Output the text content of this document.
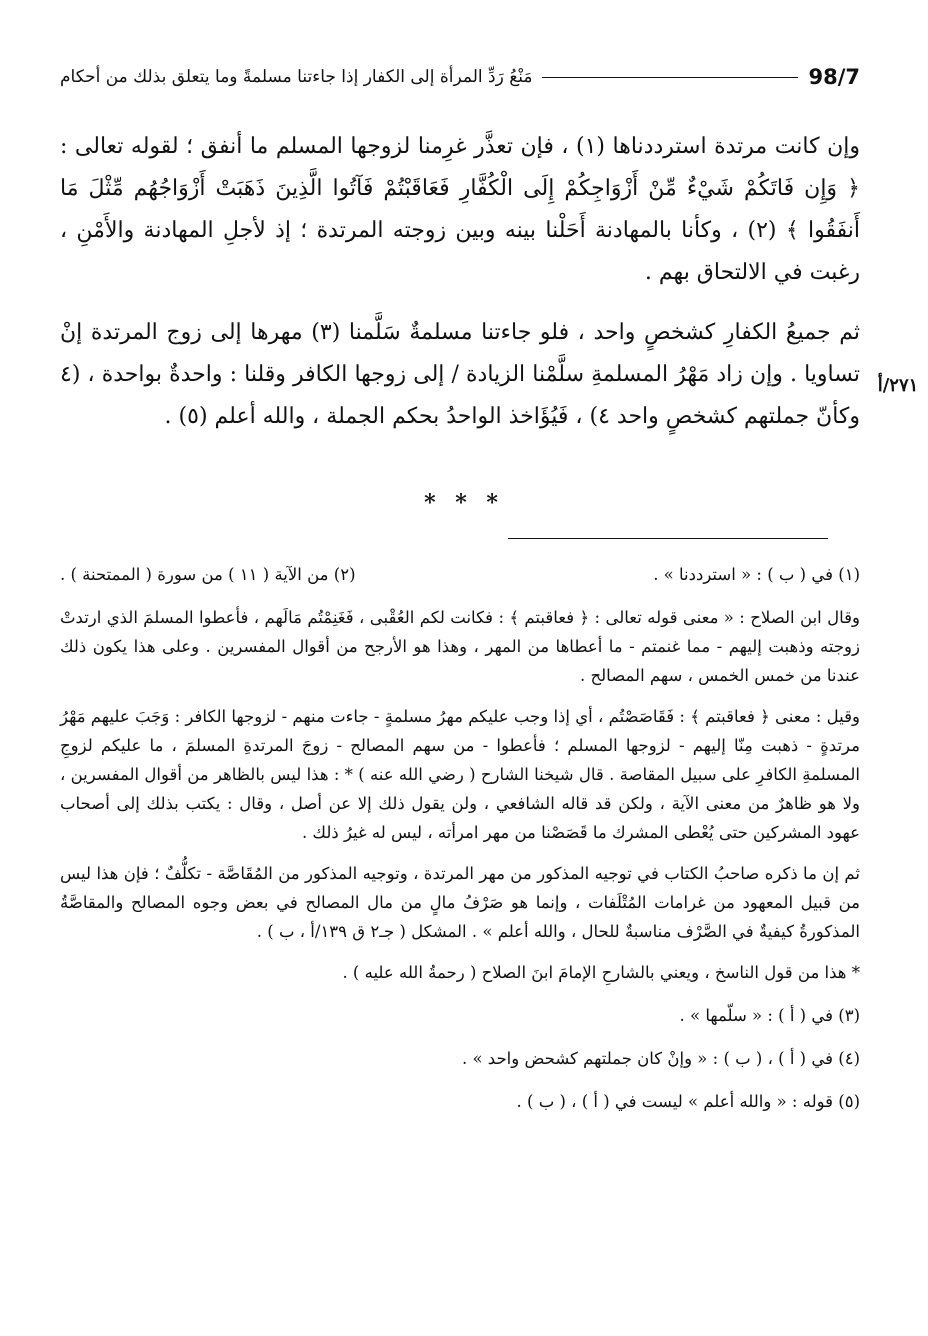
98/7
مَنْعُ رَدِّ المرأة إلى الكفار إذا جاءتنا مسلمةً وما يتعلق بذلك من أحكام

وإن كانت مرتدة استرددناها (١) ، فإن تعذَّر غرِمنا لزوجها المسلم ما أنفق ؛ لقوله تعالى : ﴿ وَإِن فَاتَكُمْ شَيْءٌ مِّنْ أَزْوَاجِكُمْ إِلَى الْكُفَّارِ فَعَاقَبْتُمْ فَآتُوا الَّذِينَ ذَهَبَتْ أَزْوَاجُهُم مِّثْلَ مَا أَنفَقُوا ﴾ (٢) ، وكأنا بالمهادنة أَحَلْنا بينه وبين زوجته المرتدة ؛ إذ لأجلِ المهادنة والأَمْنِ ، رغبت في الالتحاق بهم .

ثم جميعُ الكفارِ كشخصٍ واحد ، فلو جاءتنا مسلمةٌ سَلَّمنا (٣) مهرها إلى زوج المرتدة إنْ تساويا . وإن زاد مَهْرُ المسلمةِ سلَّمْنا الزيادة / إلى زوجها الكافر وقلنا : واحدةٌ بواحدة ، (٤ وكأنّ جملتهم كشخصٍ واحد ٤) ، فَيُؤَاخذ الواحدُ بحكم الجملة ، والله أعلم (٥) .

٢٧١/أ
* * *
(١) في ( ب ) : « استرددنا » .
(٢) من الآية ( ١١ ) من سورة ( الممتحنة ) .

وقال ابن الصلاح : « معنى قوله تعالى : ﴿ فعاقبتم ﴾ : فكانت لكم العُقْبى ، فَغَنِمْتُم مَالَهم ، فأعطوا المسلمَ الذي ارتدتْ زوجته وذهبت إليهم - مما غنمتم - ما أعطاها من المهر ، وهذا هو الأرجح من أقوال المفسرين . وعلى هذا يكون ذلك عندنا من خمس الخمس ، سهم المصالح .

وقيل : معنى ﴿ فعاقبتم ﴾ : فَقَاصَصْتُم ، أي إذا وجب عليكم مهرُ مسلمةٍ - جاءت منهم - لزوجها الكافر : وَجَبَ عليهم مَهْرُ مرتدةٍ - ذهبت مِنّا إليهم - لزوجها المسلم ؛ فأعطوا - من سهم المصالح - زوجَ المرتدةِ المسلمَ ، ما عليكم لزوجِ المسلمةِ الكافرِ على سبيل المقاصة . قال شيخنا الشارح ( رضي الله عنه ) * : هذا ليس بالظاهر من أقوال المفسرين ، ولا هو ظاهرٌ من معنى الآية ، ولكن قد قاله الشافعي ، ولن يقول ذلك إلا عن أصل ، وقال : يكتب بذلك إلى أصحاب عهود المشركين حتى يُعْطى المشرك ما قَصَصْنا من مهر امرأته ، ليس له غيرُ ذلك .

ثم إن ما ذكره صاحبُ الكتاب في توجيه المذكور من مهر المرتدة ، وتوجيه المذكور من المُقَاصَّة - تكلُّفٌ ؛ فإن هذا ليس من قبيل المعهود من غرامات المُتْلَفات ، وإنما هو صَرْفُ مالٍ من مال المصالح في بعض وجوه المصالح والمقاصَّةُ المذكورةُ كيفيةٌ في الصَّرْف مناسبةٌ للحال ، والله أعلم » . المشكل ( جـ٢ ق ١٣٩/أ ، ب ) .

* هذا من قول الناسخ ، ويعني بالشارحِ الإمامَ ابنَ الصلاح ( رحمةُ الله عليه ) .

(٣) في ( أ ) : « سلّمها » .

(٤) في ( أ ) ، ( ب ) : « وإنْ كان جملتهم كشحض واحد » .

(٥) قوله : « والله أعلم » ليست في ( أ ) ، ( ب ) .
